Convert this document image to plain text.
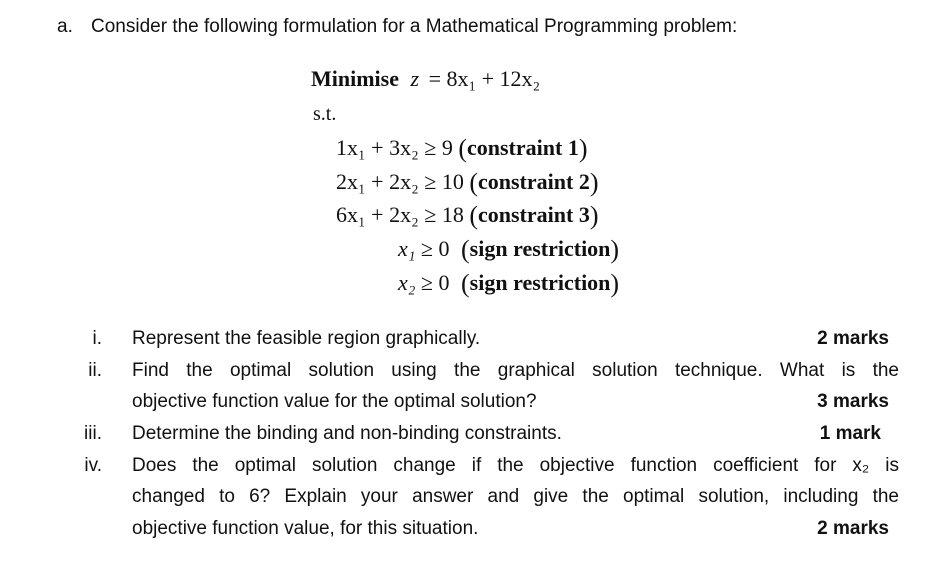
a. Consider the following formulation for a Mathematical Programming problem:
Minimise z = 8x₁ + 12x₂
s.t.
1x₁ + 3x₂ ≥ 9 (constraint 1)
2x₁ + 2x₂ ≥ 10 (constraint 2)
6x₁ + 2x₂ ≥ 18 (constraint 3)
x₁ ≥ 0 (sign restriction)
x₂ ≥ 0 (sign restriction)
i. Represent the feasible region graphically.	2 marks
ii. Find the optimal solution using the graphical solution technique. What is the
objective function value for the optimal solution?	3 marks
iii. Determine the binding and non-binding constraints.	1 mark
iv. Does the optimal solution change if the objective function coefficient for x₂ is
changed to 6? Explain your answer and give the optimal solution, including the
objective function value, for this situation.	2 marks
